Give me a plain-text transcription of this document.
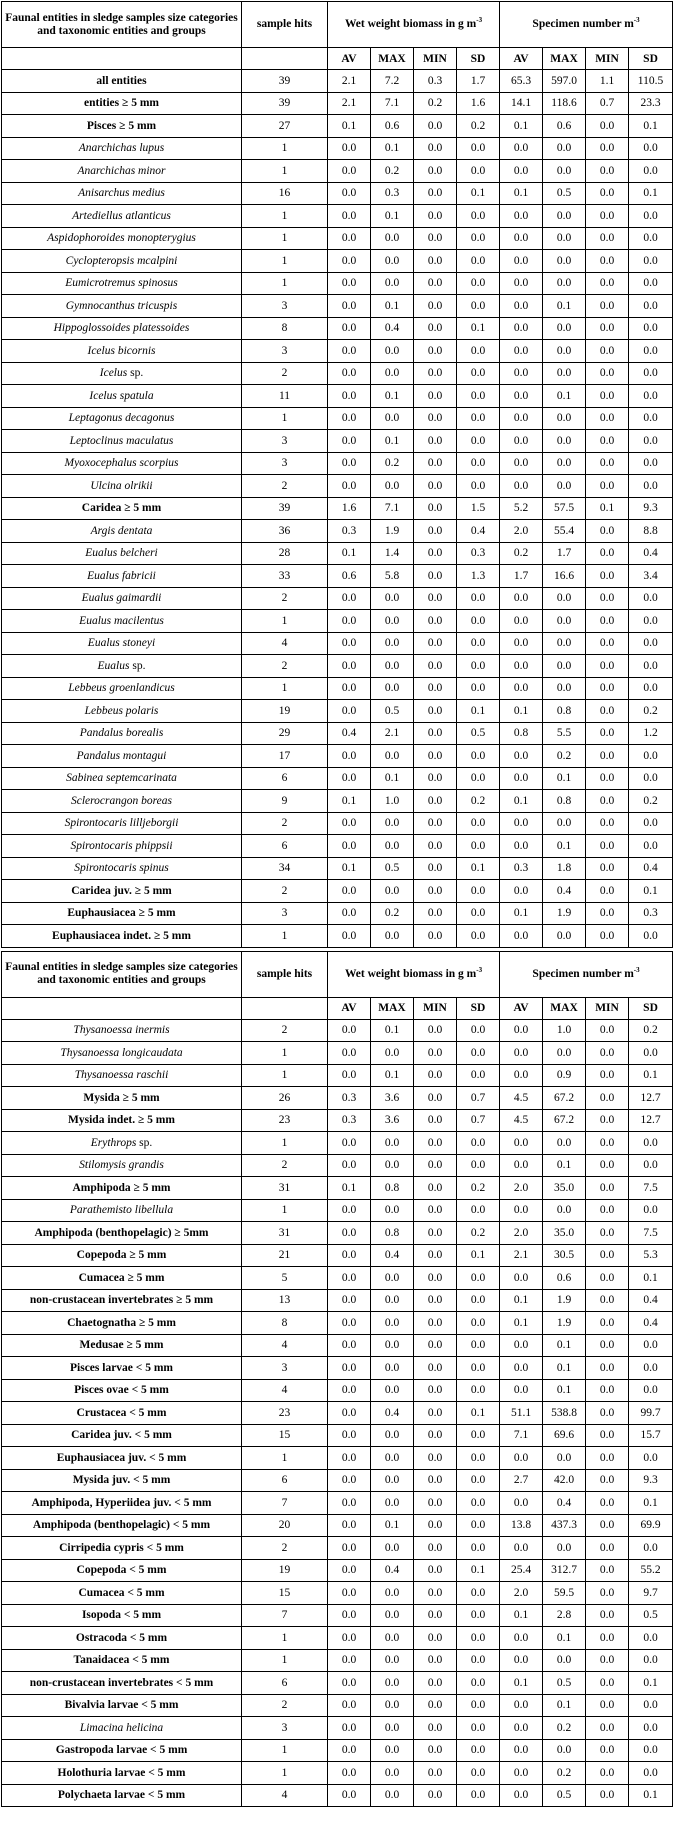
Faunal entities in sledge samples size categories and taxonomic entities and groups	sample hits	Wet weight biomass in g $m^{-3}$				Specimen number $m^{-3}$
		AV	MAX	MIN	SD	AV	MAX	MIN	SD
all entities	39	2.1	7.2	0.3	1.7	65.3	597.0	1.1	110.5
entities ≥ 5 mm	39	2.1	7.1	0.2	1.6	14.1	118.6	0.7	23.3
Pisces ≥ 5 mm	27	0.1	0.6	0.0	0.2	0.1	0.6	0.0	0.1
Anarchichas lupus	1	0.0	0.1	0.0	0.0	0.0	0.0	0.0	0.0
Anarchichas minor	1	0.0	0.2	0.0	0.0	0.0	0.0	0.0	0.0
Anisarchus medius	16	0.0	0.3	0.0	0.1	0.1	0.5	0.0	0.1
Artediellus atlanticus	1	0.0	0.1	0.0	0.0	0.0	0.0	0.0	0.0
Aspidophoroides monopterygius	1	0.0	0.0	0.0	0.0	0.0	0.0	0.0	0.0
Cyclopteropsis mcalpini	1	0.0	0.0	0.0	0.0	0.0	0.0	0.0	0.0
Eumicrotremus spinosus	1	0.0	0.0	0.0	0.0	0.0	0.0	0.0	0.0
Gymnocanthus tricuspis	3	0.0	0.1	0.0	0.0	0.0	0.1	0.0	0.0
Hippoglossoides platessoides	8	0.0	0.4	0.0	0.1	0.0	0.0	0.0	0.0
Icelus bicornis	3	0.0	0.0	0.0	0.0	0.0	0.0	0.0	0.0
Icelus sp.	2	0.0	0.0	0.0	0.0	0.0	0.0	0.0	0.0
Icelus spatula	11	0.0	0.1	0.0	0.0	0.0	0.1	0.0	0.0
Leptagonus decagonus	1	0.0	0.0	0.0	0.0	0.0	0.0	0.0	0.0
Leptoclinus maculatus	3	0.0	0.1	0.0	0.0	0.0	0.0	0.0	0.0
Myoxocephalus scorpius	3	0.0	0.2	0.0	0.0	0.0	0.0	0.0	0.0
Ulcina olrikii	2	0.0	0.0	0.0	0.0	0.0	0.0	0.0	0.0
Caridea ≥ 5 mm	39	1.6	7.1	0.0	1.5	5.2	57.5	0.1	9.3
Argis dentata	36	0.3	1.9	0.0	0.4	2.0	55.4	0.0	8.8
Eualus belcheri	28	0.1	1.4	0.0	0.3	0.2	1.7	0.0	0.4
Eualus fabricii	33	0.6	5.8	0.0	1.3	1.7	16.6	0.0	3.4
Eualus gaimardii	2	0.0	0.0	0.0	0.0	0.0	0.0	0.0	0.0
Eualus macilentus	1	0.0	0.0	0.0	0.0	0.0	0.0	0.0	0.0
Eualus stoneyi	4	0.0	0.0	0.0	0.0	0.0	0.0	0.0	0.0
Eualus sp.	2	0.0	0.0	0.0	0.0	0.0	0.0	0.0	0.0
Lebbeus groenlandicus	1	0.0	0.0	0.0	0.0	0.0	0.0	0.0	0.0
Lebbeus polaris	19	0.0	0.5	0.0	0.1	0.1	0.8	0.0	0.2
Pandalus borealis	29	0.4	2.1	0.0	0.5	0.8	5.5	0.0	1.2
Pandalus montagui	17	0.0	0.0	0.0	0.0	0.0	0.2	0.0	0.0
Sabinea septemcarinata	6	0.0	0.1	0.0	0.0	0.0	0.1	0.0	0.0
Sclerocrangon boreas	9	0.1	1.0	0.0	0.2	0.1	0.8	0.0	0.2
Spirontocaris lilljeborgii	2	0.0	0.0	0.0	0.0	0.0	0.0	0.0	0.0
Spirontocaris phippsii	6	0.0	0.0	0.0	0.0	0.0	0.1	0.0	0.0
Spirontocaris spinus	34	0.1	0.5	0.0	0.1	0.3	1.8	0.0	0.4
Caridea juv. ≥ 5 mm	2	0.0	0.0	0.0	0.0	0.0	0.4	0.0	0.1
Euphausiacea ≥ 5 mm	3	0.0	0.2	0.0	0.0	0.1	1.9	0.0	0.3
Euphausiacea indet. ≥ 5 mm	1	0.0	0.0	0.0	0.0	0.0	0.0	0.0	0.0
Faunal entities in sledge samples size categories and taxonomic entities and groups	sample hits	Wet weight biomass in g $m^{-3}$				Specimen number $m^{-3}$
		AV	MAX	MIN	SD	AV	MAX	MIN	SD
Thysanoessa inermis	2	0.0	0.1	0.0	0.0	0.0	1.0	0.0	0.2
Thysanoessa longicaudata	1	0.0	0.0	0.0	0.0	0.0	0.0	0.0	0.0
Thysanoessa raschii	1	0.0	0.1	0.0	0.0	0.0	0.9	0.0	0.1
Mysida ≥ 5 mm	26	0.3	3.6	0.0	0.7	4.5	67.2	0.0	12.7
Mysida indet. ≥ 5 mm	23	0.3	3.6	0.0	0.7	4.5	67.2	0.0	12.7
Erythrops sp.	1	0.0	0.0	0.0	0.0	0.0	0.0	0.0	0.0
Stilomysis grandis	2	0.0	0.0	0.0	0.0	0.0	0.1	0.0	0.0
Amphipoda ≥ 5 mm	31	0.1	0.8	0.0	0.2	2.0	35.0	0.0	7.5
Parathemisto libellula	1	0.0	0.0	0.0	0.0	0.0	0.0	0.0	0.0
Amphipoda (benthopelagic) ≥ 5mm	31	0.0	0.8	0.0	0.2	2.0	35.0	0.0	7.5
Copepoda ≥ 5 mm	21	0.0	0.4	0.0	0.1	2.1	30.5	0.0	5.3
Cumacea ≥ 5 mm	5	0.0	0.0	0.0	0.0	0.0	0.6	0.0	0.1
non-crustacean invertebrates ≥ 5 mm	13	0.0	0.0	0.0	0.0	0.1	1.9	0.0	0.4
Chaetognatha ≥ 5 mm	8	0.0	0.0	0.0	0.0	0.1	1.9	0.0	0.4
Medusae ≥ 5 mm	4	0.0	0.0	0.0	0.0	0.0	0.1	0.0	0.0
Pisces larvae < 5 mm	3	0.0	0.0	0.0	0.0	0.0	0.1	0.0	0.0
Pisces ovae < 5 mm	4	0.0	0.0	0.0	0.0	0.0	0.1	0.0	0.0
Crustacea < 5 mm	23	0.0	0.4	0.0	0.1	51.1	538.8	0.0	99.7
Caridea juv. < 5 mm	15	0.0	0.0	0.0	0.0	7.1	69.6	0.0	15.7
Euphausiacea juv. < 5 mm	1	0.0	0.0	0.0	0.0	0.0	0.0	0.0	0.0
Mysida juv. < 5 mm	6	0.0	0.0	0.0	0.0	2.7	42.0	0.0	9.3
Amphipoda, Hyperiidea juv. < 5 mm	7	0.0	0.0	0.0	0.0	0.0	0.4	0.0	0.1
Amphipoda (benthopelagic) < 5 mm	20	0.0	0.1	0.0	0.0	13.8	437.3	0.0	69.9
Cirripedia cypris < 5 mm	2	0.0	0.0	0.0	0.0	0.0	0.0	0.0	0.0
Copepoda < 5 mm	19	0.0	0.4	0.0	0.1	25.4	312.7	0.0	55.2
Cumacea < 5 mm	15	0.0	0.0	0.0	0.0	2.0	59.5	0.0	9.7
Isopoda < 5 mm	7	0.0	0.0	0.0	0.0	0.1	2.8	0.0	0.5
Ostracoda < 5 mm	1	0.0	0.0	0.0	0.0	0.0	0.1	0.0	0.0
Tanaidacea < 5 mm	1	0.0	0.0	0.0	0.0	0.0	0.0	0.0	0.0
non-crustacean invertebrates < 5 mm	6	0.0	0.0	0.0	0.0	0.1	0.5	0.0	0.1
Bivalvia larvae < 5 mm	2	0.0	0.0	0.0	0.0	0.0	0.1	0.0	0.0
Limacina helicina	3	0.0	0.0	0.0	0.0	0.0	0.2	0.0	0.0
Gastropoda larvae < 5 mm	1	0.0	0.0	0.0	0.0	0.0	0.0	0.0	0.0
Holothuria larvae < 5 mm	1	0.0	0.0	0.0	0.0	0.0	0.2	0.0	0.0
Polychaeta larvae < 5 mm	4	0.0	0.0	0.0	0.0	0.0	0.5	0.0	0.1
